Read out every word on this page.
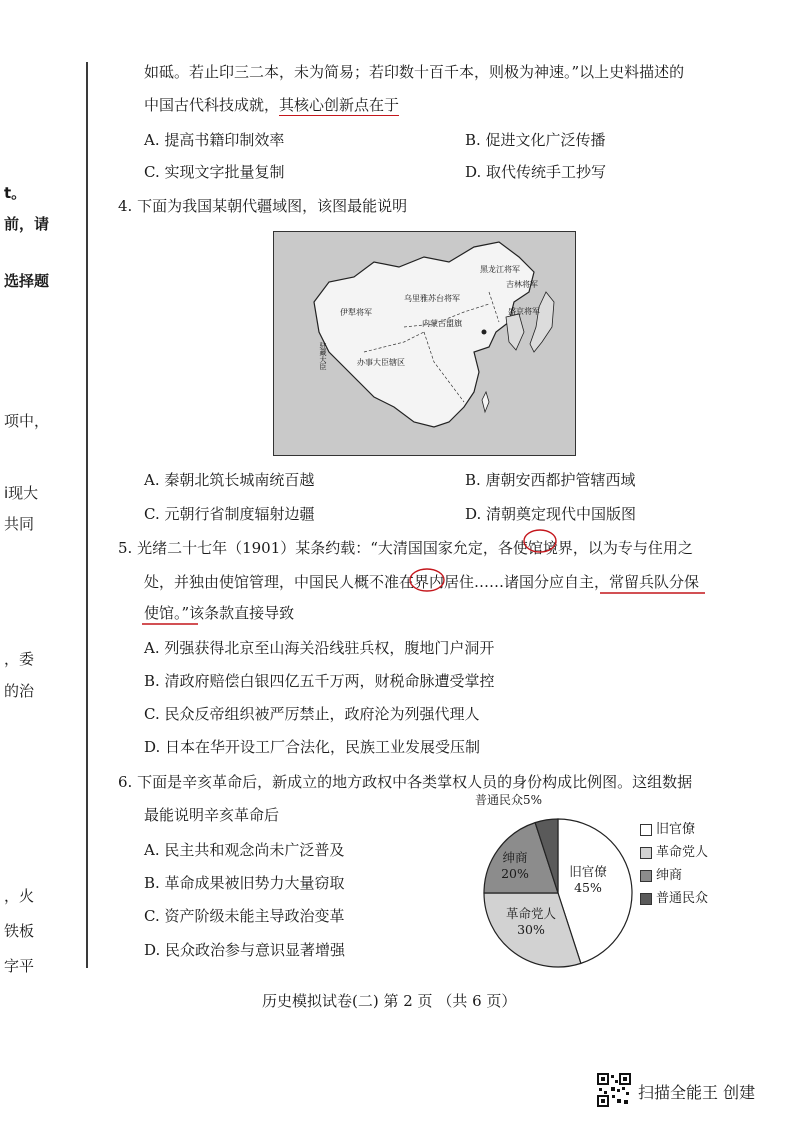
t。
前，请
选择题
项中，
i现大
共同
，委
的治
，火
铁板
字平
如砥。若止印三二本，未为简易；若印数十百千本，则极为神速。”以上史料描述的
中国古代科技成就，其核心创新点在于
A. 提高书籍印制效率	B. 促进文化广泛传播
C. 实现文字批量复制	D. 取代传统手工抄写
4. 下面为我国某朝代疆域图，该图最能说明
黑龙江将军
吉林将军
乌里雅苏台将军
伊犁将军
内蒙古盟旗
盛京将军
办事大臣辖区
驻藏大臣
A. 秦朝北筑长城南统百越	B. 唐朝安西都护管辖西域
C. 元朝行省制度辐射边疆	D. 清朝奠定现代中国版图
5. 光绪二十七年（1901）某条约载：“大清国国家允定，各使馆境界，以为专与住用之
处，并独由使馆管理，中国民人概不准在界内居住……诸国分应自主，常留兵队分保
使馆。”该条款直接导致
A. 列强获得北京至山海关沿线驻兵权，腹地门户洞开
B. 清政府赔偿白银四亿五千万两，财税命脉遭受掌控
C. 民众反帝组织被严厉禁止，政府沦为列强代理人
D. 日本在华开设工厂合法化，民族工业发展受压制
6. 下面是辛亥革命后，新成立的地方政权中各类掌权人员的身份构成比例图。这组数据
最能说明辛亥革命后
A. 民主共和观念尚未广泛普及
B. 革命成果被旧势力大量窃取
C. 资产阶级未能主导政治变革
D. 民众政治参与意识显著增强
普通民众5%
旧官僚
45%
革命党人
30%
绅商
20%
旧官僚
革命党人
绅商
普通民众
历史模拟试卷(二) 第 2 页 （共 6 页）
扫描全能王 创建
